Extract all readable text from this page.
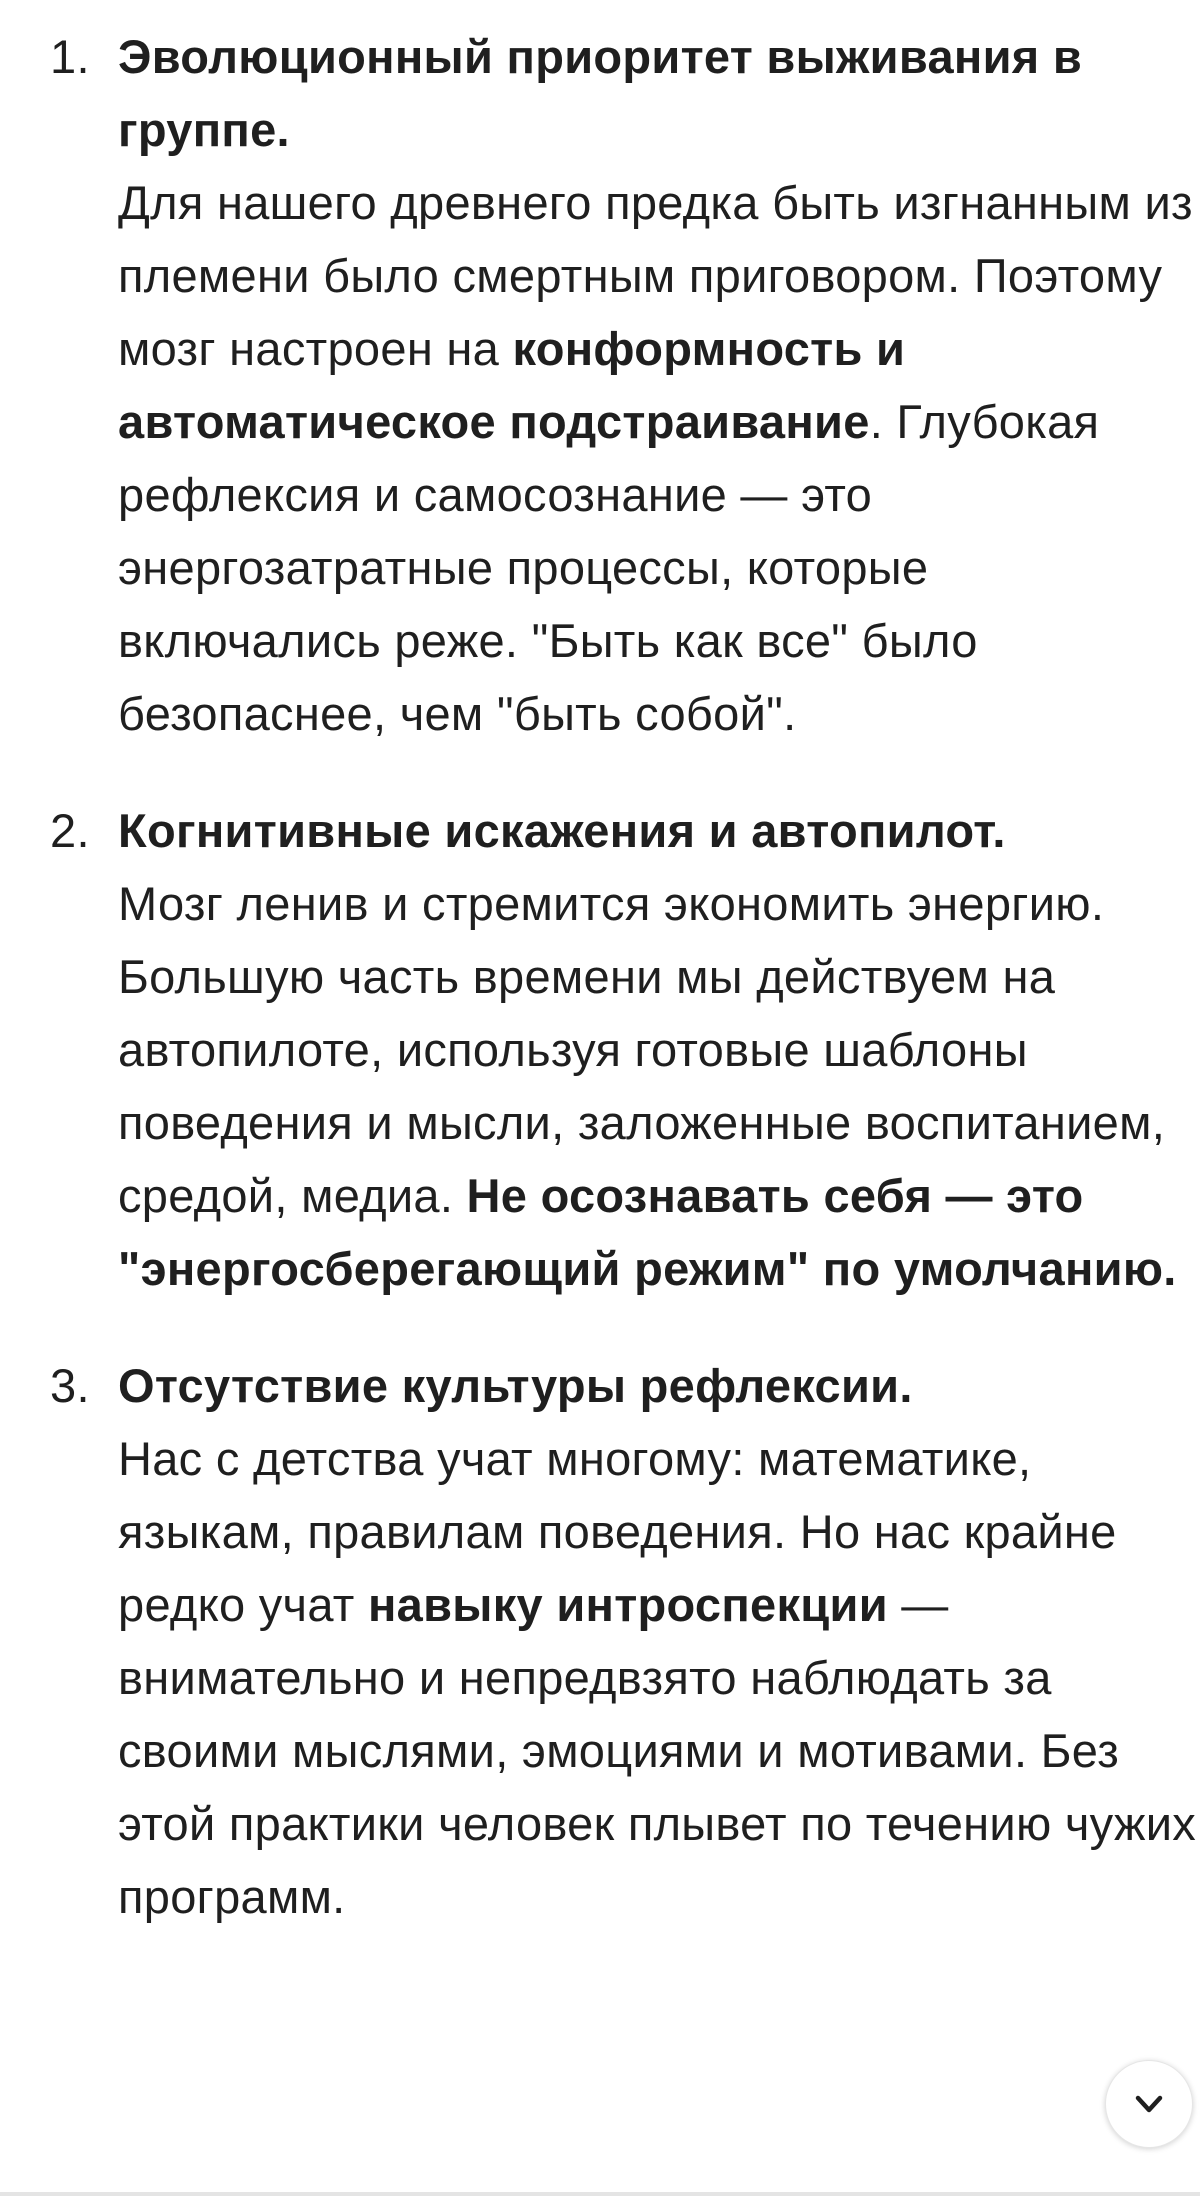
1. Эволюционный приоритет выживания в группе.
Для нашего древнего предка быть изгнанным из племени было смертным приговором. Поэтому мозг настроен на конформность и автоматическое подстраивание. Глубокая рефлексия и самосознание — это энергозатратные процессы, которые включались реже. "Быть как все" было безопаснее, чем "быть собой".
2. Когнитивные искажения и автопилот.
Мозг ленив и стремится экономить энергию. Большую часть времени мы действуем на автопилоте, используя готовые шаблоны поведения и мысли, заложенные воспитанием, средой, медиа. Не осознавать себя — это "энергосберегающий режим" по умолчанию.
3. Отсутствие культуры рефлексии.
Нас с детства учат многому: математике, языкам, правилам поведения. Но нас крайне редко учат навыку интроспекции — внимательно и непредвзято наблюдать за своими мыслями, эмоциями и мотивами. Без этой практики человек плывет по течению чужих программ.
